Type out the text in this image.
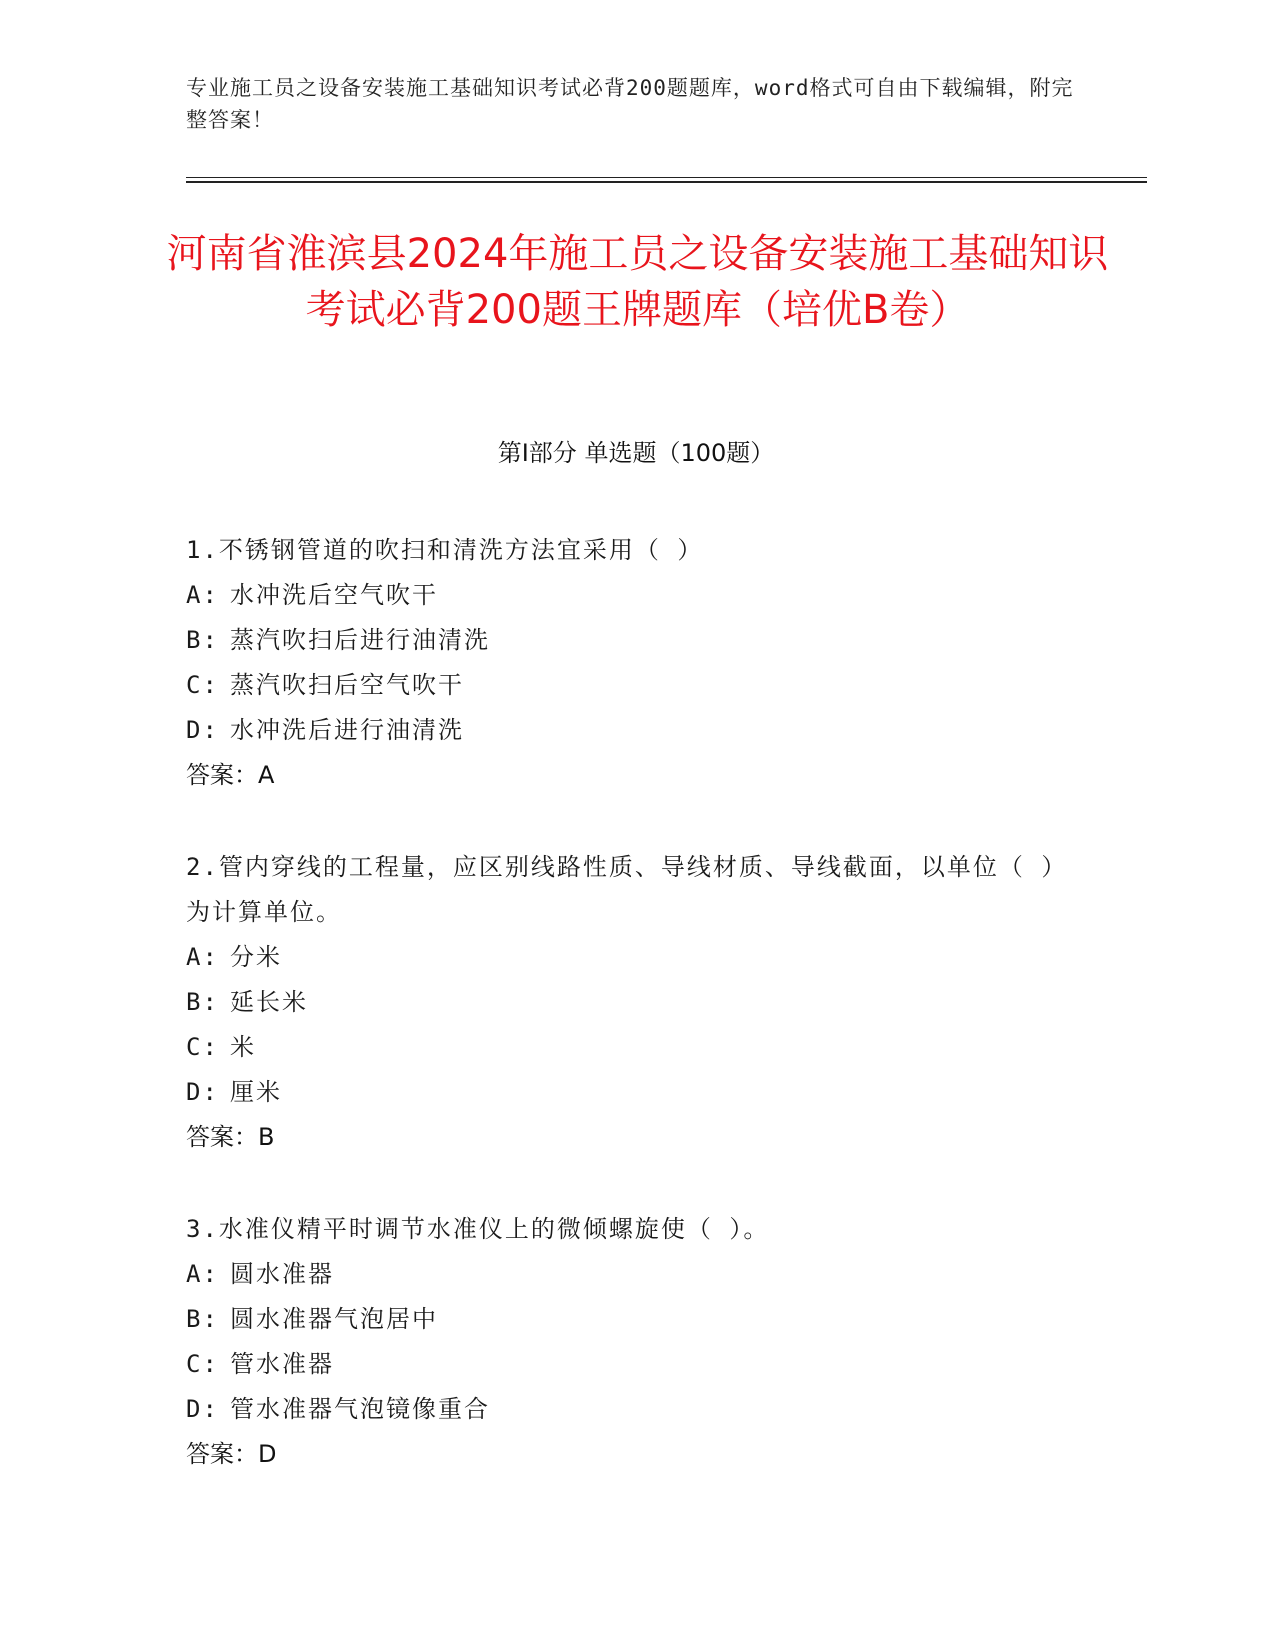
专业施工员之设备安装施工基础知识考试必背200题题库，word格式可自由下载编辑，附完整答案！
河南省淮滨县2024年施工员之设备安装施工基础知识考试必背200题王牌题库（培优B卷）
第I部分 单选题（100题）
1.不锈钢管道的吹扫和清洗方法宜采用（ ）
A: 水冲洗后空气吹干
B: 蒸汽吹扫后进行油清洗
C: 蒸汽吹扫后空气吹干
D: 水冲洗后进行油清洗
答案：A
2.管内穿线的工程量，应区别线路性质、导线材质、导线截面，以单位（ ）为计算单位。
A: 分米
B: 延长米
C: 米
D: 厘米
答案：B
3.水准仪精平时调节水准仪上的微倾螺旋使（ ）。
A: 圆水准器
B: 圆水准器气泡居中
C: 管水准器
D: 管水准器气泡镜像重合
答案：D
